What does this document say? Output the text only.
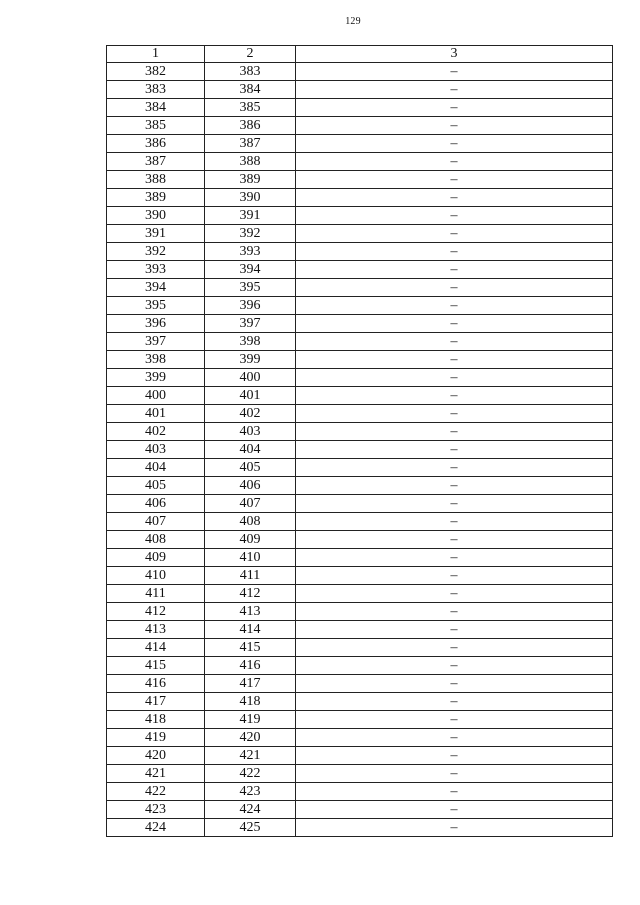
129
1	2	3
382	383	–
383	384	–
384	385	–
385	386	–
386	387	–
387	388	–
388	389	–
389	390	–
390	391	–
391	392	–
392	393	–
393	394	–
394	395	–
395	396	–
396	397	–
397	398	–
398	399	–
399	400	–
400	401	–
401	402	–
402	403	–
403	404	–
404	405	–
405	406	–
406	407	–
407	408	–
408	409	–
409	410	–
410	411	–
411	412	–
412	413	–
413	414	–
414	415	–
415	416	–
416	417	–
417	418	–
418	419	–
419	420	–
420	421	–
421	422	–
422	423	–
423	424	–
424	425	–
